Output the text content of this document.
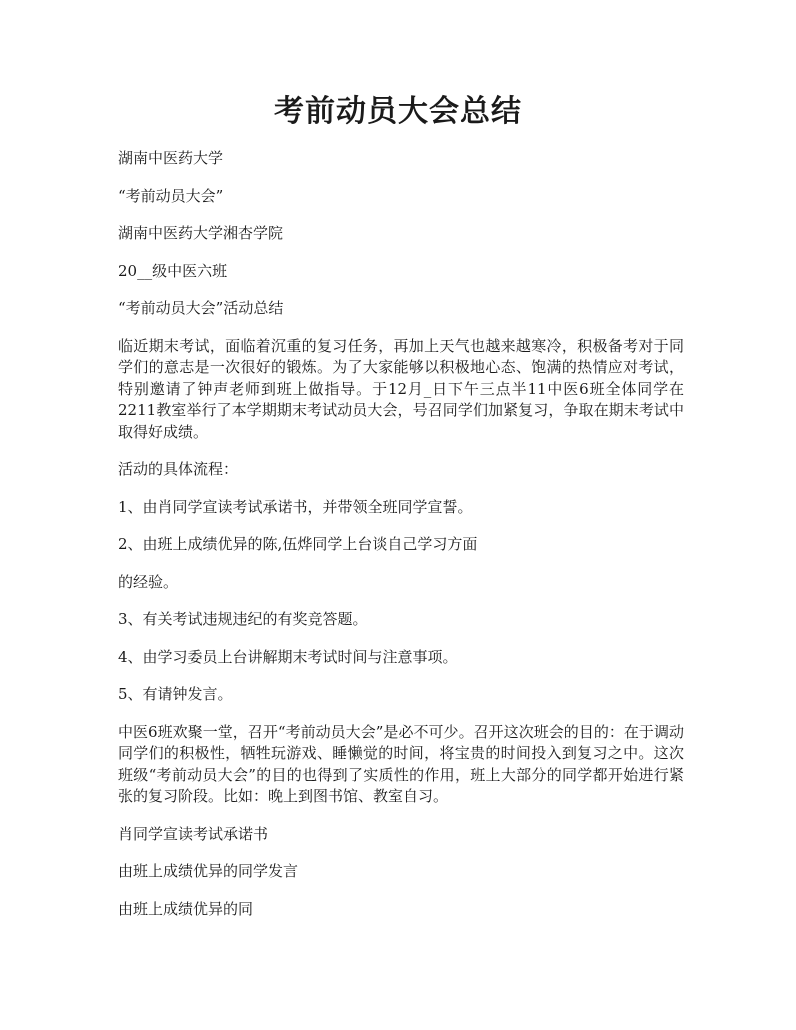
考前动员大会总结

湖南中医药大学

“考前动员大会”

湖南中医药大学湘杏学院

20__级中医六班

“考前动员大会”活动总结

临近期末考试，面临着沉重的复习任务，再加上天气也越来越寒冷，积极备考对于同学们的意志是一次很好的锻炼。为了大家能够以积极地心态、饱满的热情应对考试，特别邀请了钟声老师到班上做指导。于12月_日下午三点半11中医6班全体同学在2211教室举行了本学期期末考试动员大会，号召同学们加紧复习，争取在期末考试中取得好成绩。

活动的具体流程：

1、由肖同学宣读考试承诺书，并带领全班同学宣誓。

2、由班上成绩优异的陈,伍烨同学上台谈自己学习方面

的经验。

3、有关考试违规违纪的有奖竞答题。

4、由学习委员上台讲解期末考试时间与注意事项。

5、有请钟发言。

中医6班欢聚一堂，召开“考前动员大会”是必不可少。召开这次班会的目的：在于调动同学们的积极性，牺牲玩游戏、睡懒觉的时间，将宝贵的时间投入到复习之中。这次班级“考前动员大会”的目的也得到了实质性的作用，班上大部分的同学都开始进行紧张的复习阶段。比如：晚上到图书馆、教室自习。

肖同学宣读考试承诺书

由班上成绩优异的同学发言

由班上成绩优异的同
